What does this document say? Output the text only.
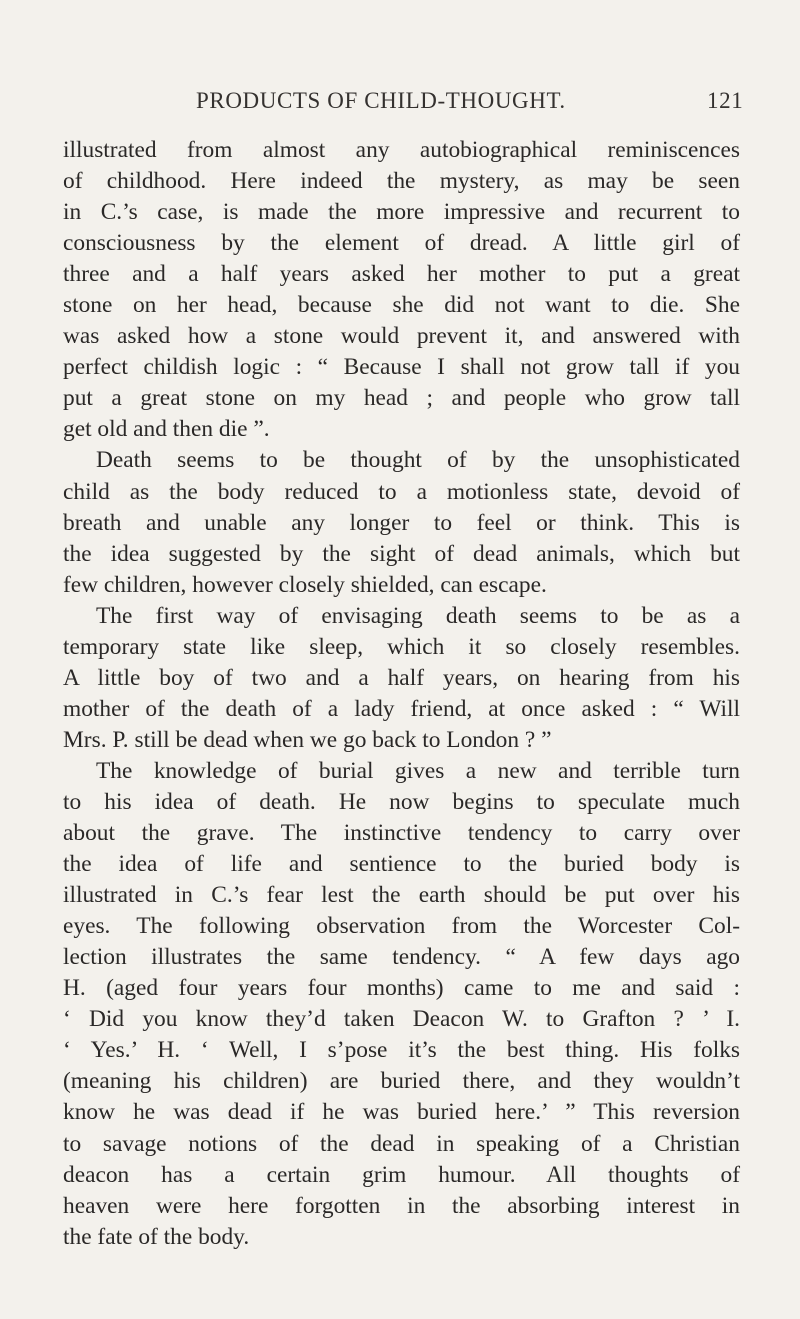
PRODUCTS OF CHILD-THOUGHT.	121
illustrated from almost any autobiographical reminiscences
of childhood. Here indeed the mystery, as may be seen
in C.’s case, is made the more impressive and recurrent to
consciousness by the element of dread. A little girl of
three and a half years asked her mother to put a great
stone on her head, because she did not want to die. She
was asked how a stone would prevent it, and answered with
perfect childish logic : “ Because I shall not grow tall if you
put a great stone on my head ; and people who grow tall
get old and then die ”.
Death seems to be thought of by the unsophisticated
child as the body reduced to a motionless state, devoid of
breath and unable any longer to feel or think. This is
the idea suggested by the sight of dead animals, which but
few children, however closely shielded, can escape.
The first way of envisaging death seems to be as a
temporary state like sleep, which it so closely resembles.
A little boy of two and a half years, on hearing from his
mother of the death of a lady friend, at once asked : “ Will
Mrs. P. still be dead when we go back to London ? ”
The knowledge of burial gives a new and terrible turn
to his idea of death. He now begins to speculate much
about the grave. The instinctive tendency to carry over
the idea of life and sentience to the buried body is
illustrated in C.’s fear lest the earth should be put over his
eyes. The following observation from the Worcester Col-
lection illustrates the same tendency. “ A few days ago
H. (aged four years four months) came to me and said :
‘ Did you know they’d taken Deacon W. to Grafton ? ’ I.
‘ Yes.’ H. ‘ Well, I s’pose it’s the best thing. His folks
(meaning his children) are buried there, and they wouldn’t
know he was dead if he was buried here.’ ” This reversion
to savage notions of the dead in speaking of a Christian
deacon has a certain grim humour. All thoughts of
heaven were here forgotten in the absorbing interest in
the fate of the body.
